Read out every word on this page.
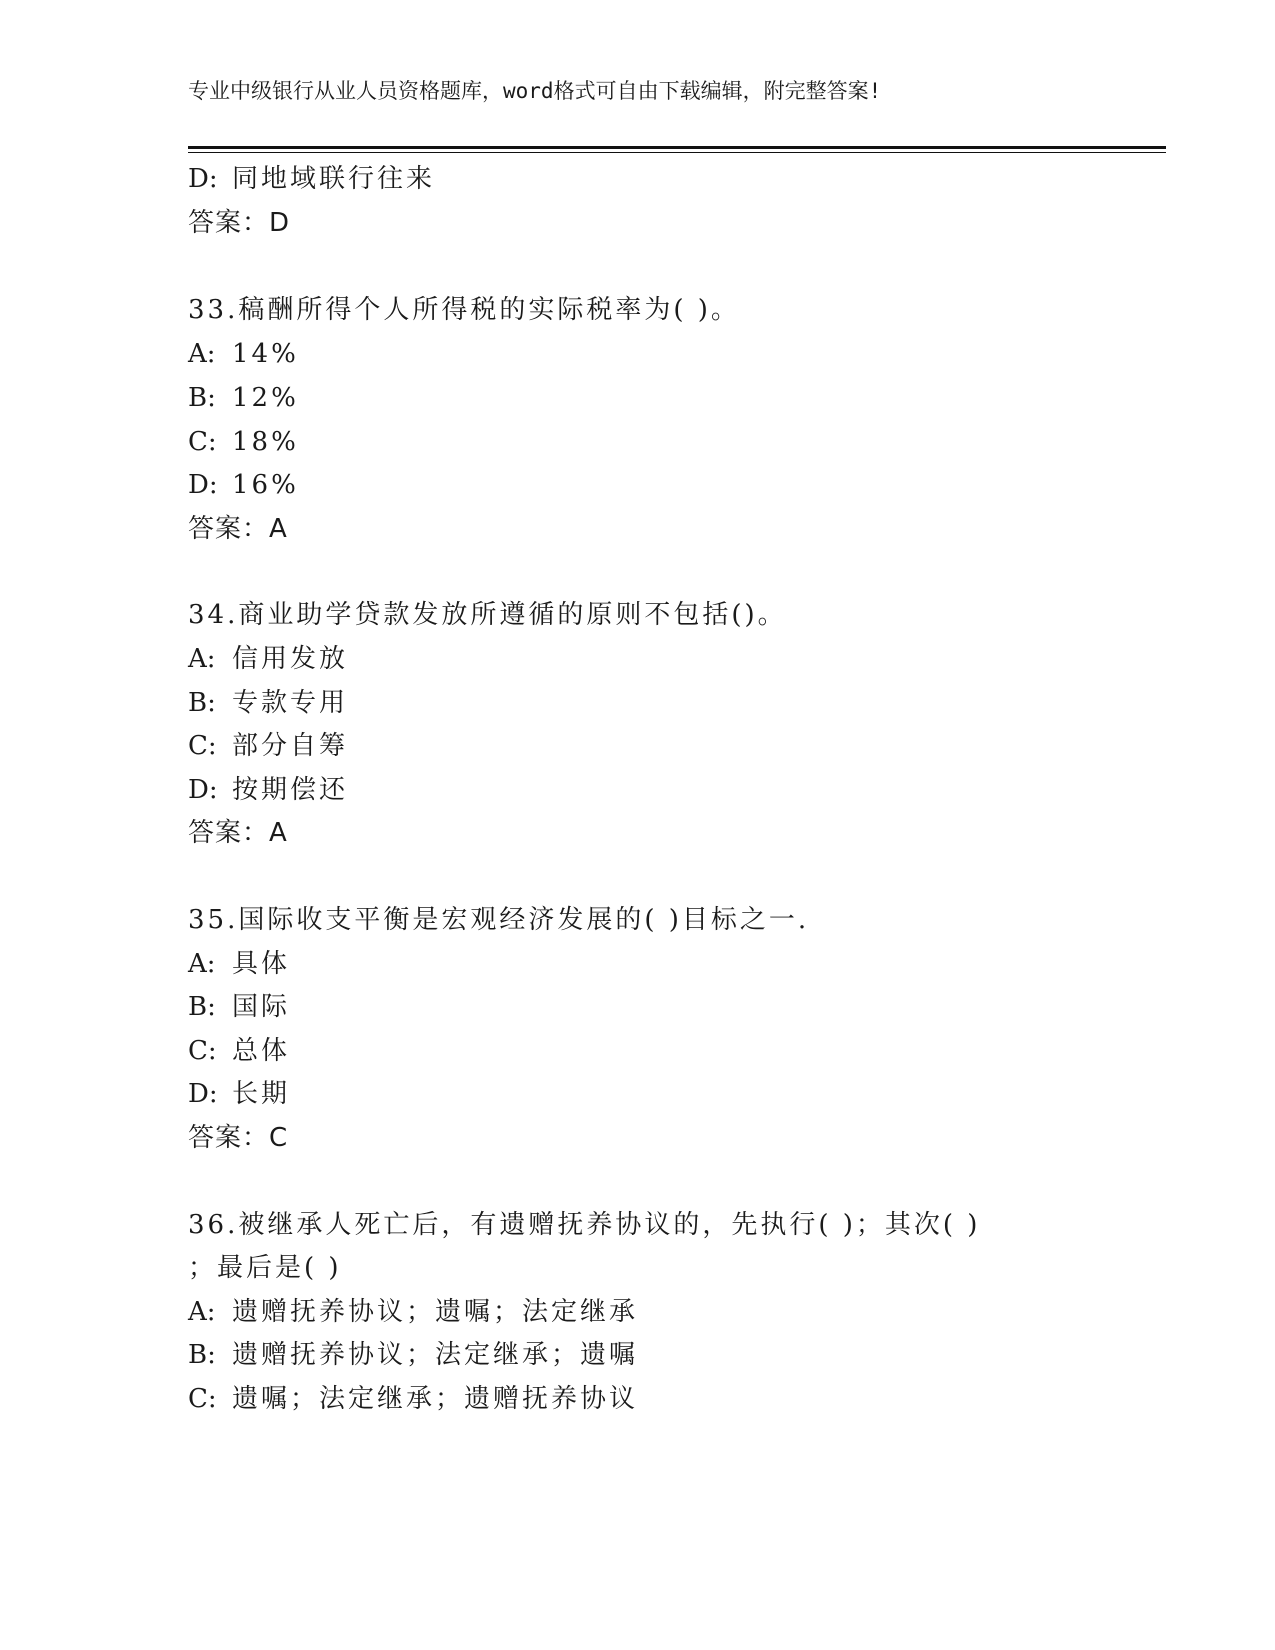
专业中级银行从业人员资格题库，word格式可自由下载编辑，附完整答案!
D: 同地域联行往来
答案：D
33.稿酬所得个人所得税的实际税率为( )。
A: 14%
B: 12%
C: 18%
D: 16%
答案：A
34.商业助学贷款发放所遵循的原则不包括()。
A: 信用发放
B: 专款专用
C: 部分自筹
D: 按期偿还
答案：A
35.国际收支平衡是宏观经济发展的( )目标之一.
A: 具体
B: 国际
C: 总体
D: 长期
答案：C
36.被继承人死亡后，有遗赠抚养协议的，先执行( )；其次( )
；最后是( )
A: 遗赠抚养协议；遗嘱；法定继承
B: 遗赠抚养协议；法定继承；遗嘱
C: 遗嘱；法定继承；遗赠抚养协议
